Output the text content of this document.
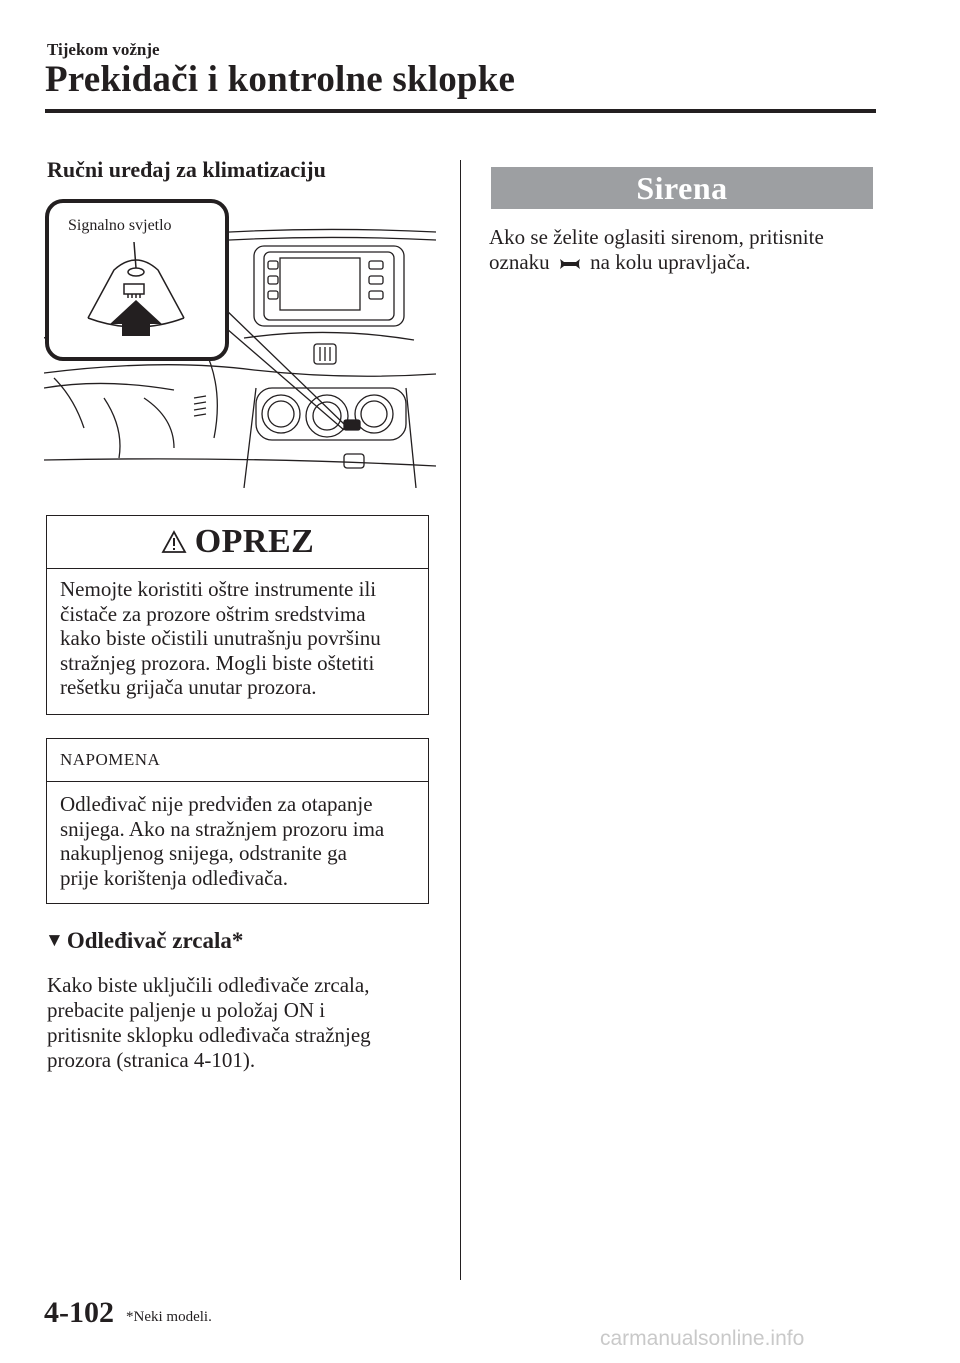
Tijekom vožnje
Prekidači i kontrolne sklopke
Ručni uređaj za klimatizaciju
Signalno svjetlo
OPREZ
Nemojte koristiti oštre instrumente ili
čistače za prozore oštrim sredstvima
kako biste očistili unutrašnju površinu
stražnjeg prozora. Mogli biste oštetiti
rešetku grijača unutar prozora.
NAPOMENA
Odleđivač nije predviđen za otapanje
snijega. Ako na stražnjem prozoru ima
nakupljenog snijega, odstranite ga
prije korištenja odleđivača.
▼ Odleđivač zrcala*
Kako biste uključili odleđivače zrcala,
prebacite paljenje u položaj ON i
pritisnite sklopku odleđivača stražnjeg
prozora (stranica 4-101).
Sirena
Ako se želite oglasiti sirenom, pritisnite
oznaku na kolu upravljača.
4-102 *Neki modeli.
carmanualsonline.info
